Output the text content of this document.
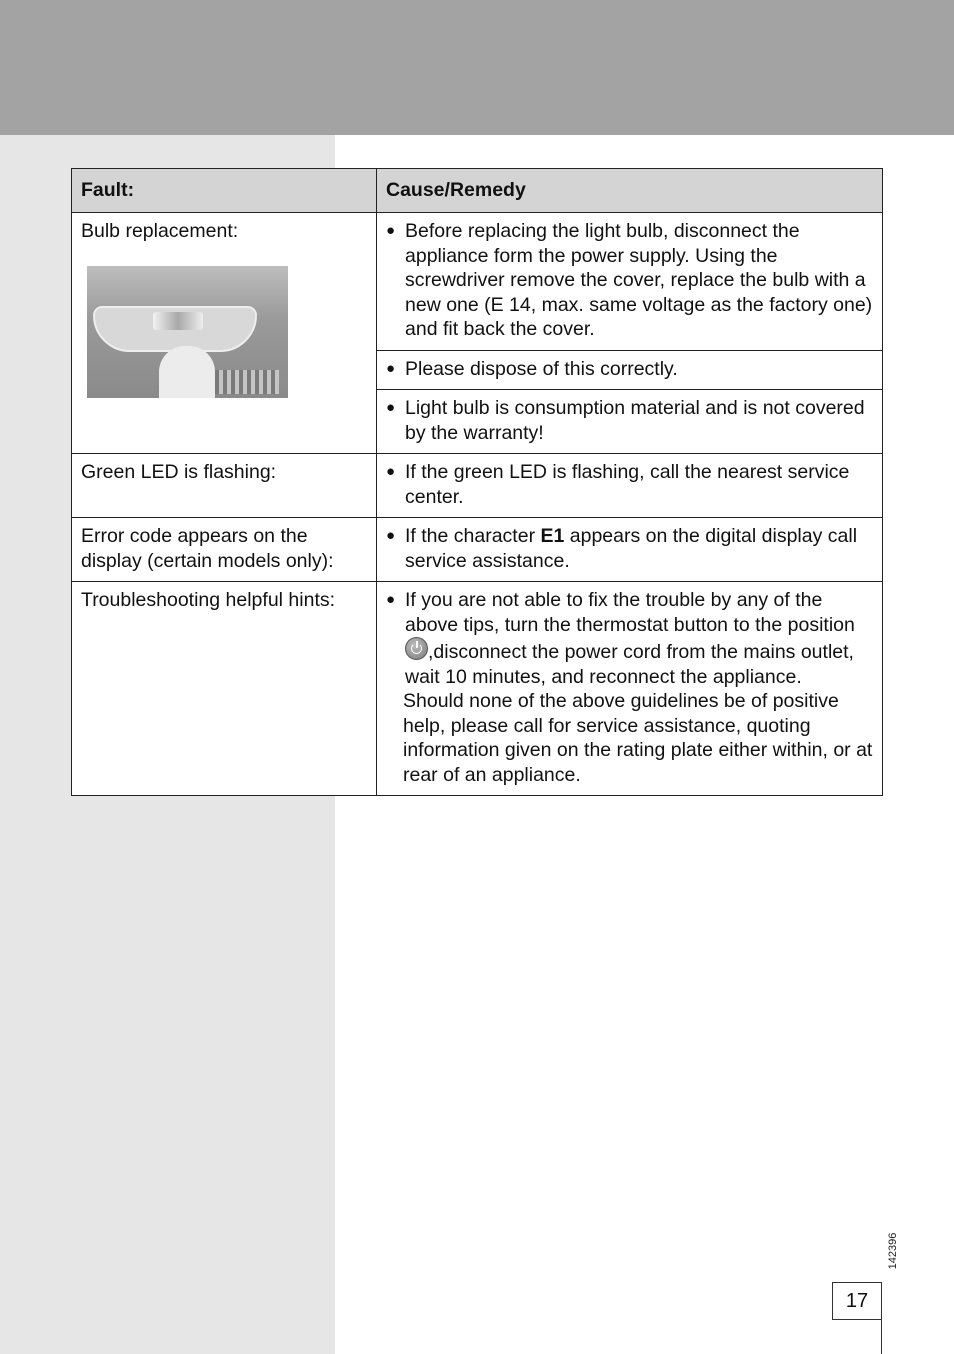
Fault:	Cause/Remedy

Bulb replacement:	● Before replacing the light bulb, disconnect the appliance form the power supply. Using the screwdriver remove the cover, replace the bulb with a new one (E 14, max. same voltage as the factory one) and fit back the cover.

	● Please dispose of this correctly.

	● Light bulb is consumption material and is not covered by the warranty!

Green LED is flashing:	● If the green LED is flashing, call the nearest service center.

Error code appears on the display (certain models only):	● If the character E1 appears on the digital display call service assistance.

Troubleshooting helpful hints:	● If you are not able to fix the trouble by any of the above tips, turn the thermostat button to the position ,disconnect the power cord from the mains outlet, wait 10 minutes, and reconnect the appliance.
Should none of the above guidelines be of positive help, please call for service assistance, quoting information given on the rating plate either within, or at rear of an appliance.
142396
17
